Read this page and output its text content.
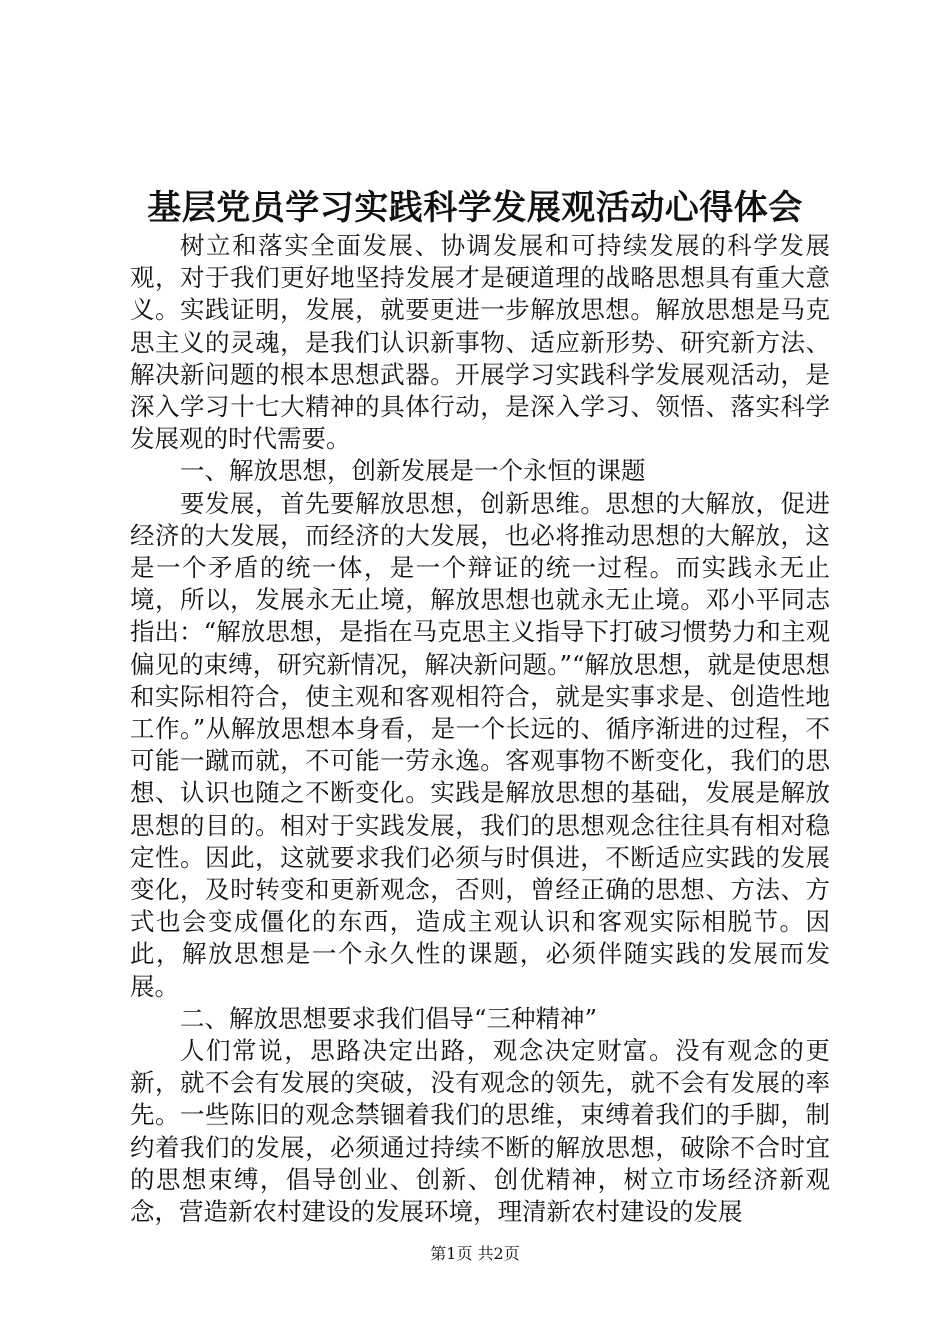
基层党员学习实践科学发展观活动心得体会

树立和落实全面发展、协调发展和可持续发展的科学发展观，对于我们更好地坚持发展才是硬道理的战略思想具有重大意义。实践证明，发展，就要更进一步解放思想。解放思想是马克思主义的灵魂，是我们认识新事物、适应新形势、研究新方法、解决新问题的根本思想武器。开展学习实践科学发展观活动，是深入学习十七大精神的具体行动，是深入学习、领悟、落实科学发展观的时代需要。

一、解放思想，创新发展是一个永恒的课题

要发展，首先要解放思想，创新思维。思想的大解放，促进经济的大发展，而经济的大发展，也必将推动思想的大解放，这是一个矛盾的统一体，是一个辩证的统一过程。而实践永无止境，所以，发展永无止境，解放思想也就永无止境。邓小平同志指出：“解放思想，是指在马克思主义指导下打破习惯势力和主观偏见的束缚，研究新情况，解决新问题。”“解放思想，就是使思想和实际相符合，使主观和客观相符合，就是实事求是、创造性地工作。”从解放思想本身看，是一个长远的、循序渐进的过程，不可能一蹴而就，不可能一劳永逸。客观事物不断变化，我们的思想、认识也随之不断变化。实践是解放思想的基础，发展是解放思想的目的。相对于实践发展，我们的思想观念往往具有相对稳定性。因此，这就要求我们必须与时俱进，不断适应实践的发展变化，及时转变和更新观念，否则，曾经正确的思想、方法、方式也会变成僵化的东西，造成主观认识和客观实际相脱节。因此，解放思想是一个永久性的课题，必须伴随实践的发展而发展。

二、解放思想要求我们倡导“三种精神”

人们常说，思路决定出路，观念决定财富。没有观念的更新，就不会有发展的突破，没有观念的领先，就不会有发展的率先。一些陈旧的观念禁锢着我们的思维，束缚着我们的手脚，制约着我们的发展，必须通过持续不断的解放思想，破除不合时宜的思想束缚，倡导创业、创新、创优精神，树立市场经济新观念，营造新农村建设的发展环境，理清新农村建设的发展

第1页 共2页
